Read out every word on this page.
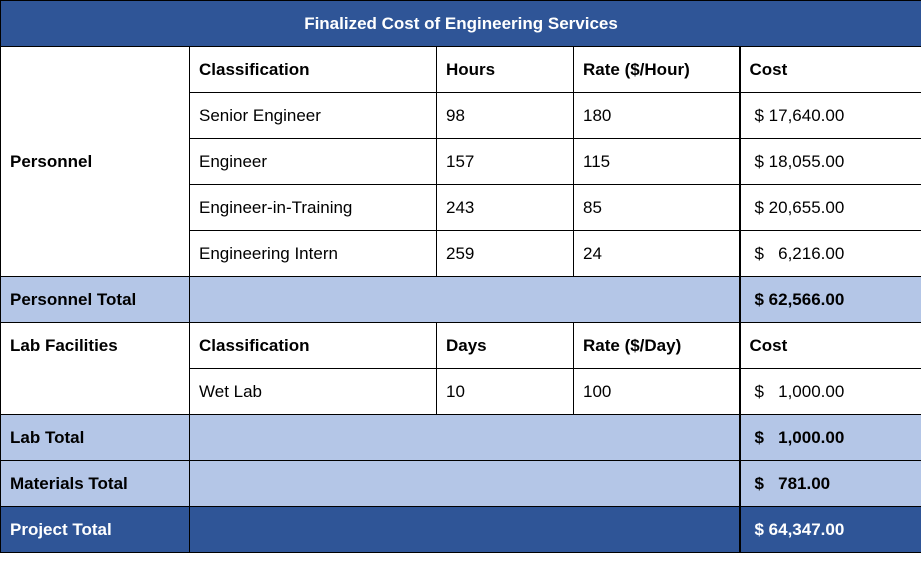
Finalized Cost of Engineering Services				
Personnel	Classification	Hours	Rate ($/Hour)	Cost
	Senior Engineer	98	180	$ 17,640.00
	Engineer	157	115	$ 18,055.00
	Engineer-in-Training	243	85	$ 20,655.00
	Engineering Intern	259	24	$   6,216.00
Personnel Total				$ 62,566.00
Lab Facilities	Classification	Days	Rate ($/Day)	Cost
	Wet Lab	10	100	$   1,000.00
Lab Total				$   1,000.00
Materials Total				$   781.00
Project Total				$ 64,347.00
